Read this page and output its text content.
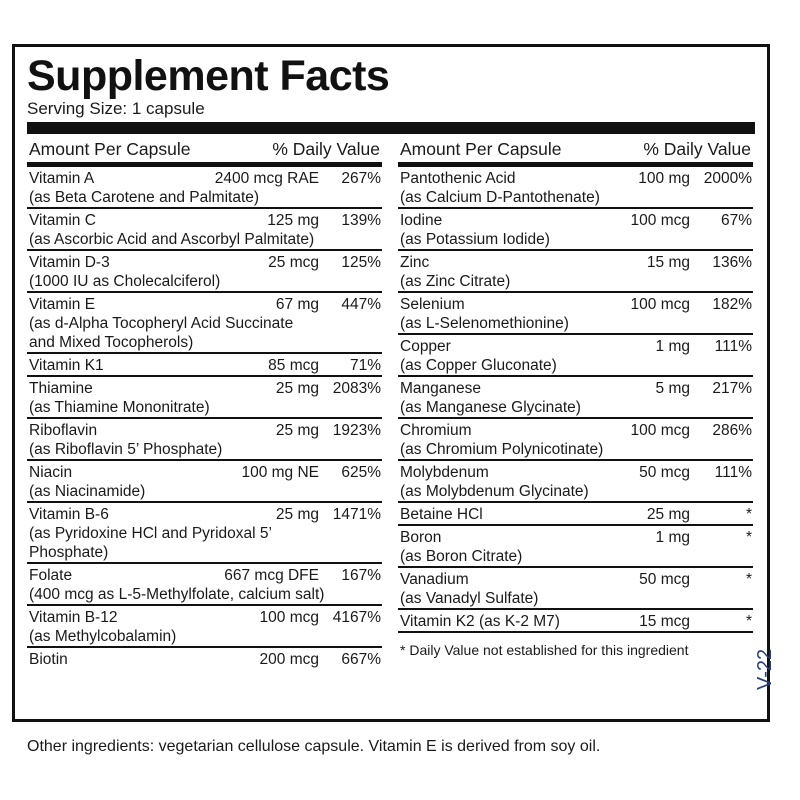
Supplement Facts
Serving Size: 1 capsule
Amount Per Capsule	% Daily Value
Vitamin A	2400 mcg RAE	267%
(as Beta Carotene and Palmitate)
Vitamin C	125 mg	139%
(as Ascorbic Acid and Ascorbyl Palmitate)
Vitamin D-3	25 mcg	125%
(1000 IU as Cholecalciferol)
Vitamin E	67 mg	447%
(as d-Alpha Tocopheryl Acid Succinate
and Mixed Tocopherols)
Vitamin K1	85 mcg	71%
Thiamine	25 mg 2083%
(as Thiamine Mononitrate)
Riboflavin	25 mg 1923%
(as Riboflavin 5’ Phosphate)
Niacin	100 mg NE	625%
(as Niacinamide)
Vitamin B-6	25 mg 1471%
(as Pyridoxine HCl and Pyridoxal 5’
Phosphate)
Folate	667 mcg DFE	167%
(400 mcg as L-5-Methylfolate, calcium salt)
Vitamin B-12	100 mcg 4167%
(as Methylcobalamin)
Biotin	200 mcg	667%
Amount Per Capsule	% Daily Value
Pantothenic Acid	100 mg 2000%
(as Calcium D-Pantothenate)
Iodine	100 mcg	67%
(as Potassium Iodide)
Zinc	15 mg	136%
(as Zinc Citrate)
Selenium	100 mcg	182%
(as L-Selenomethionine)
Copper	1 mg	111%
(as Copper Gluconate)
Manganese	5 mg	217%
(as Manganese Glycinate)
Chromium	100 mcg	286%
(as Chromium Polynicotinate)
Molybdenum	50 mcg	111%
(as Molybdenum Glycinate)
Betaine HCl	25 mg	*
Boron	1 mg	*
(as Boron Citrate)
Vanadium	50 mcg	*
(as Vanadyl Sulfate)
Vitamin K2 (as K-2 M7)	15 mcg	*
* Daily Value not established for this ingredient	V-22
Other ingredients: vegetarian cellulose capsule. Vitamin E is derived from soy oil.
